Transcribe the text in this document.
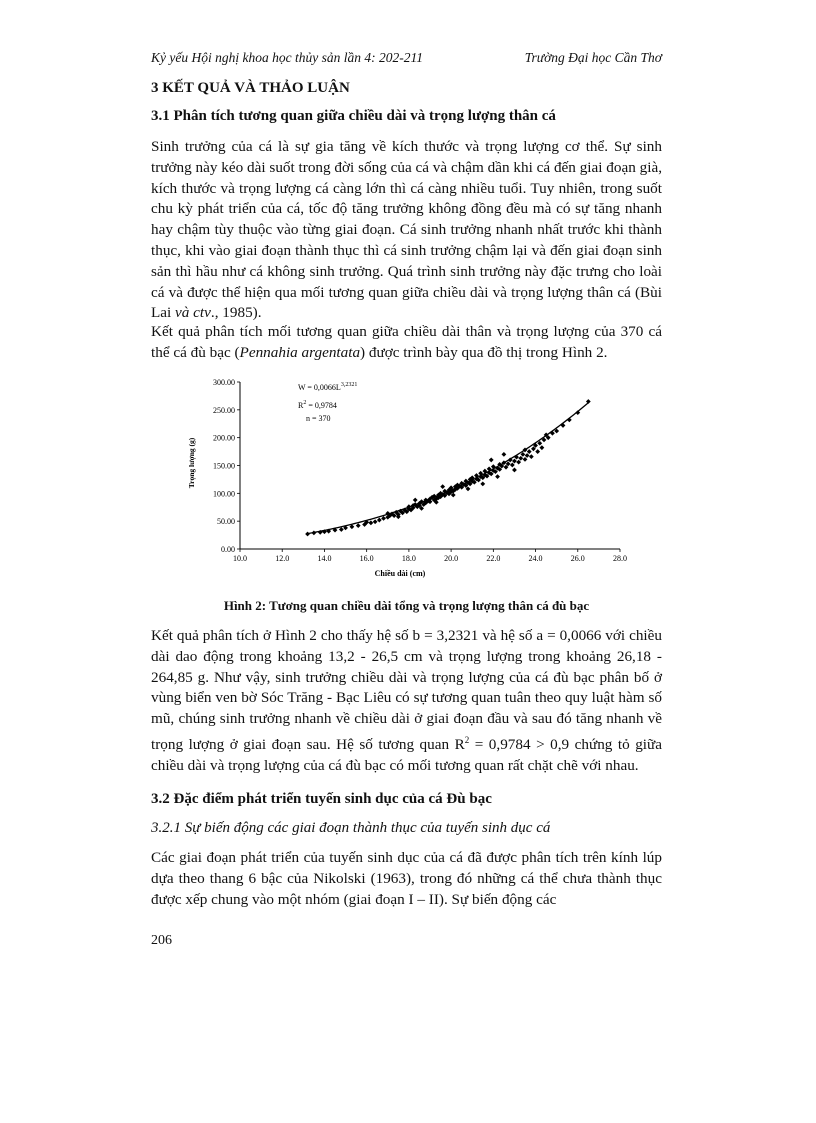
Kỷ yếu Hội nghị khoa học thủy sản lần 4: 202-211	Trường Đại học Cần Thơ
3 KẾT QUẢ VÀ THẢO LUẬN
3.1 Phân tích tương quan giữa chiều dài và trọng lượng thân cá
Sinh trưởng của cá là sự gia tăng về kích thước và trọng lượng cơ thể. Sự sinh trưởng này kéo dài suốt trong đời sống của cá và chậm dần khi cá đến giai đoạn già, kích thước và trọng lượng cá càng lớn thì cá càng nhiều tuổi. Tuy nhiên, trong suốt chu kỳ phát triển của cá, tốc độ tăng trưởng không đồng đều mà có sự tăng nhanh hay chậm tùy thuộc vào từng giai đoạn. Cá sinh trưởng nhanh nhất trước khi thành thục, khi vào giai đoạn thành thục thì cá sinh trưởng chậm lại và đến giai đoạn sinh sản thì hầu như cá không sinh trưởng. Quá trình sinh trưởng này đặc trưng cho loài cá và được thể hiện qua mối tương quan giữa chiều dài và trọng lượng thân cá (Bùi Lai và ctv., 1985).
Kết quả phân tích mối tương quan giữa chiều dài thân và trọng lượng của 370 cá thể cá đù bạc (Pennahia argentata) được trình bày qua đồ thị trong Hình 2.
10.0	12.0	14.0	16.0	18.0	20.0	22.0	24.0	26.0	28.0
0.00
50.00
100.00
150.00
200.00
250.00
300.00
$W = 0,0066L^{3,2321}$
$R^2 = 0,9784$
n = 370
Chiều dài (cm)
Trọng lượng (g)
Hình 2: Tương quan chiều dài tổng và trọng lượng thân cá đù bạc
Kết quả phân tích ở Hình 2 cho thấy hệ số b = 3,2321 và hệ số a = 0,0066 với chiều dài dao động trong khoảng 13,2 - 26,5 cm và trọng lượng trong khoảng 26,18 - 264,85 g. Như vậy, sinh trưởng chiều dài và trọng lượng của cá đù bạc phân bố ở vùng biển ven bờ Sóc Trăng - Bạc Liêu có sự tương quan tuân theo quy luật hàm số mũ, chúng sinh trưởng nhanh về chiều dài ở giai đoạn đầu và sau đó tăng nhanh về trọng lượng ở giai đoạn sau. Hệ số tương quan $R^2 = 0,9784 > 0,9$ chứng tỏ giữa chiều dài và trọng lượng của cá đù bạc có mối tương quan rất chặt chẽ với nhau.
3.2 Đặc điểm phát triển tuyến sinh dục của cá Đù bạc
3.2.1 Sự biến động các giai đoạn thành thục của tuyến sinh dục cá
Các giai đoạn phát triển của tuyến sinh dục của cá đã được phân tích trên kính lúp dựa theo thang 6 bậc của Nikolski (1963), trong đó những cá thể chưa thành thục được xếp chung vào một nhóm (giai đoạn I – II). Sự biến động các
206
